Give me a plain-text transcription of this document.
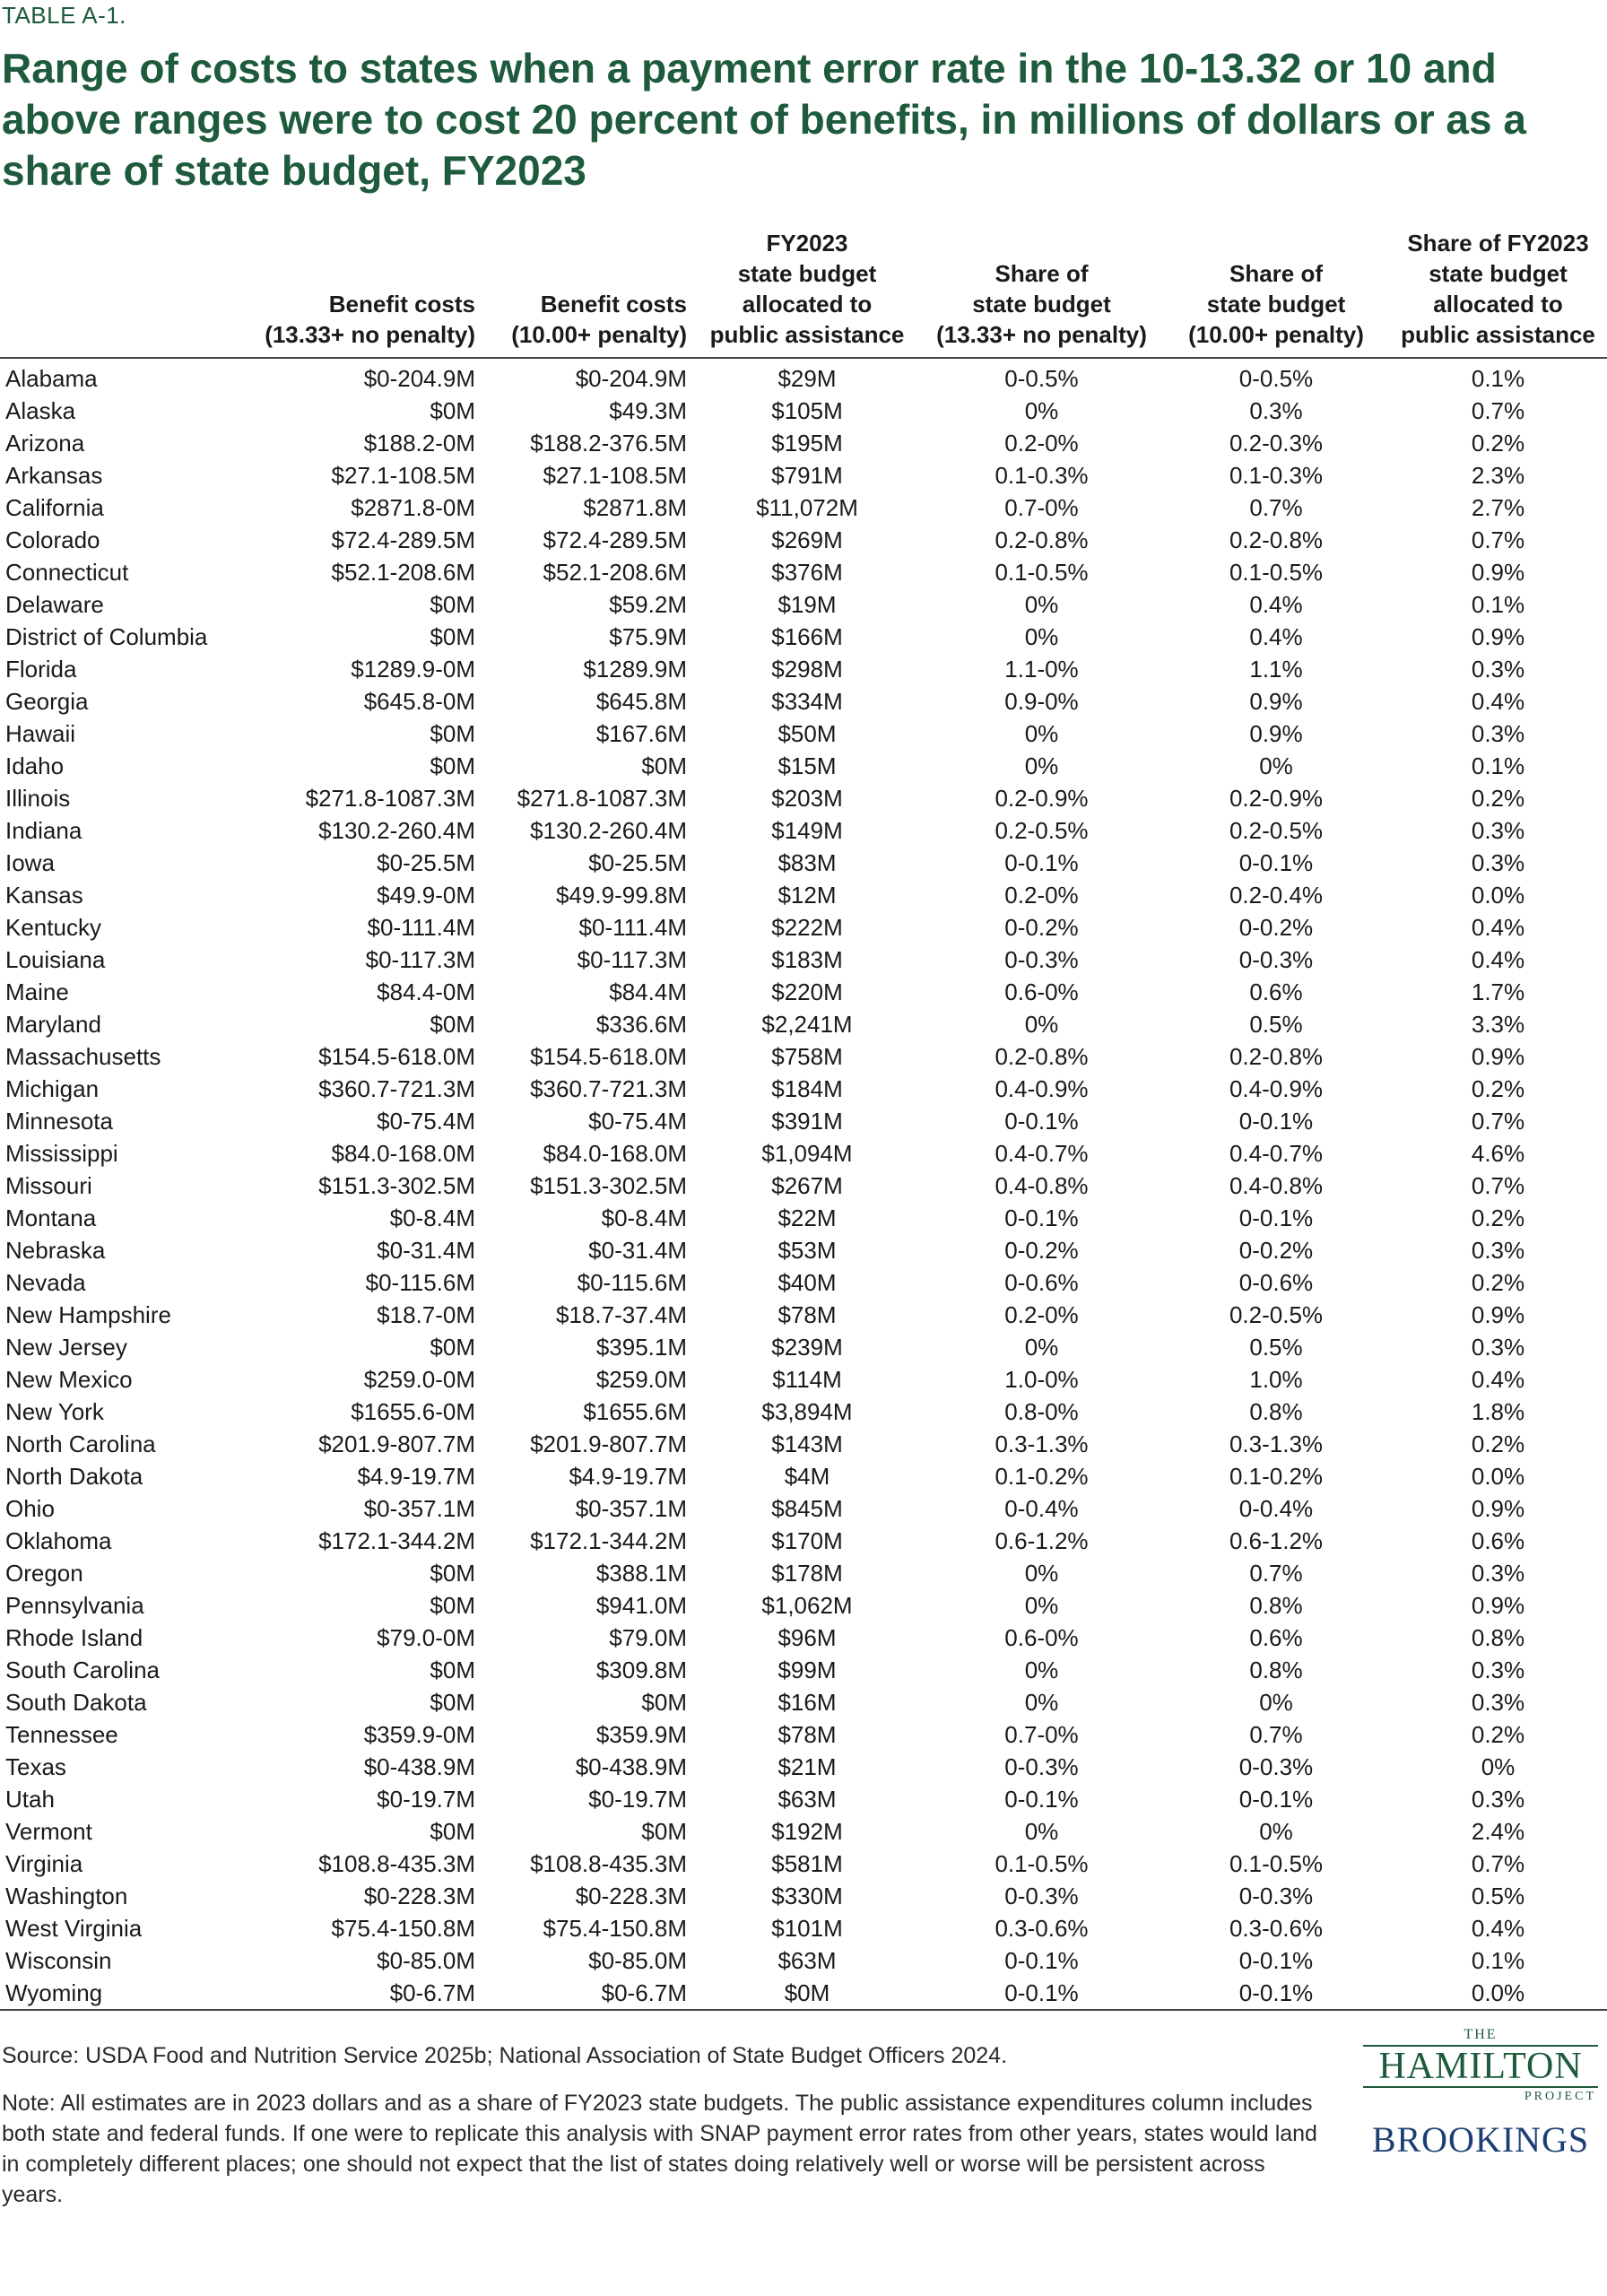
TABLE A-1.
Range of costs to states when a payment error rate in the 10-13.32 or 10 and above ranges were to cost 20 percent of benefits, in millions of dollars or as a share of state budget, FY2023

	Benefit costs
(13.33+ no penalty)	Benefit costs
(10.00+ penalty)	FY2023
state budget
allocated to
public assistance	Share of
state budget
(13.33+ no penalty)	Share of
state budget
(10.00+ penalty)	Share of FY2023
state budget
allocated to
public assistance

Alabama	$0-204.9M	$0-204.9M	$29M	0-0.5%	0-0.5%	0.1%
Alaska	$0M	$49.3M	$105M	0%	0.3%	0.7%
Arizona	$188.2-0M	$188.2-376.5M	$195M	0.2-0%	0.2-0.3%	0.2%
Arkansas	$27.1-108.5M	$27.1-108.5M	$791M	0.1-0.3%	0.1-0.3%	2.3%
California	$2871.8-0M	$2871.8M	$11,072M	0.7-0%	0.7%	2.7%
Colorado	$72.4-289.5M	$72.4-289.5M	$269M	0.2-0.8%	0.2-0.8%	0.7%
Connecticut	$52.1-208.6M	$52.1-208.6M	$376M	0.1-0.5%	0.1-0.5%	0.9%
Delaware	$0M	$59.2M	$19M	0%	0.4%	0.1%
District of Columbia	$0M	$75.9M	$166M	0%	0.4%	0.9%
Florida	$1289.9-0M	$1289.9M	$298M	1.1-0%	1.1%	0.3%
Georgia	$645.8-0M	$645.8M	$334M	0.9-0%	0.9%	0.4%
Hawaii	$0M	$167.6M	$50M	0%	0.9%	0.3%
Idaho	$0M	$0M	$15M	0%	0%	0.1%
Illinois	$271.8-1087.3M	$271.8-1087.3M	$203M	0.2-0.9%	0.2-0.9%	0.2%
Indiana	$130.2-260.4M	$130.2-260.4M	$149M	0.2-0.5%	0.2-0.5%	0.3%
Iowa	$0-25.5M	$0-25.5M	$83M	0-0.1%	0-0.1%	0.3%
Kansas	$49.9-0M	$49.9-99.8M	$12M	0.2-0%	0.2-0.4%	0.0%
Kentucky	$0-111.4M	$0-111.4M	$222M	0-0.2%	0-0.2%	0.4%
Louisiana	$0-117.3M	$0-117.3M	$183M	0-0.3%	0-0.3%	0.4%
Maine	$84.4-0M	$84.4M	$220M	0.6-0%	0.6%	1.7%
Maryland	$0M	$336.6M	$2,241M	0%	0.5%	3.3%
Massachusetts	$154.5-618.0M	$154.5-618.0M	$758M	0.2-0.8%	0.2-0.8%	0.9%
Michigan	$360.7-721.3M	$360.7-721.3M	$184M	0.4-0.9%	0.4-0.9%	0.2%
Minnesota	$0-75.4M	$0-75.4M	$391M	0-0.1%	0-0.1%	0.7%
Mississippi	$84.0-168.0M	$84.0-168.0M	$1,094M	0.4-0.7%	0.4-0.7%	4.6%
Missouri	$151.3-302.5M	$151.3-302.5M	$267M	0.4-0.8%	0.4-0.8%	0.7%
Montana	$0-8.4M	$0-8.4M	$22M	0-0.1%	0-0.1%	0.2%
Nebraska	$0-31.4M	$0-31.4M	$53M	0-0.2%	0-0.2%	0.3%
Nevada	$0-115.6M	$0-115.6M	$40M	0-0.6%	0-0.6%	0.2%
New Hampshire	$18.7-0M	$18.7-37.4M	$78M	0.2-0%	0.2-0.5%	0.9%
New Jersey	$0M	$395.1M	$239M	0%	0.5%	0.3%
New Mexico	$259.0-0M	$259.0M	$114M	1.0-0%	1.0%	0.4%
New York	$1655.6-0M	$1655.6M	$3,894M	0.8-0%	0.8%	1.8%
North Carolina	$201.9-807.7M	$201.9-807.7M	$143M	0.3-1.3%	0.3-1.3%	0.2%
North Dakota	$4.9-19.7M	$4.9-19.7M	$4M	0.1-0.2%	0.1-0.2%	0.0%
Ohio	$0-357.1M	$0-357.1M	$845M	0-0.4%	0-0.4%	0.9%
Oklahoma	$172.1-344.2M	$172.1-344.2M	$170M	0.6-1.2%	0.6-1.2%	0.6%
Oregon	$0M	$388.1M	$178M	0%	0.7%	0.3%
Pennsylvania	$0M	$941.0M	$1,062M	0%	0.8%	0.9%
Rhode Island	$79.0-0M	$79.0M	$96M	0.6-0%	0.6%	0.8%
South Carolina	$0M	$309.8M	$99M	0%	0.8%	0.3%
South Dakota	$0M	$0M	$16M	0%	0%	0.3%
Tennessee	$359.9-0M	$359.9M	$78M	0.7-0%	0.7%	0.2%
Texas	$0-438.9M	$0-438.9M	$21M	0-0.3%	0-0.3%	0%
Utah	$0-19.7M	$0-19.7M	$63M	0-0.1%	0-0.1%	0.3%
Vermont	$0M	$0M	$192M	0%	0%	2.4%
Virginia	$108.8-435.3M	$108.8-435.3M	$581M	0.1-0.5%	0.1-0.5%	0.7%
Washington	$0-228.3M	$0-228.3M	$330M	0-0.3%	0-0.3%	0.5%
West Virginia	$75.4-150.8M	$75.4-150.8M	$101M	0.3-0.6%	0.3-0.6%	0.4%
Wisconsin	$0-85.0M	$0-85.0M	$63M	0-0.1%	0-0.1%	0.1%
Wyoming	$0-6.7M	$0-6.7M	$0M	0-0.1%	0-0.1%	0.0%
Source: USDA Food and Nutrition Service 2025b; National Association of State Budget Officers 2024.
Note: All estimates are in 2023 dollars and as a share of FY2023 state budgets. The public assistance expenditures column includes both state and federal funds. If one were to replicate this analysis with SNAP payment error rates from other years, states would land in completely different places; one should not expect that the list of states doing relatively well or worse will be persistent across years.
THE
HAMILTON
PROJECT
BROOKINGS
